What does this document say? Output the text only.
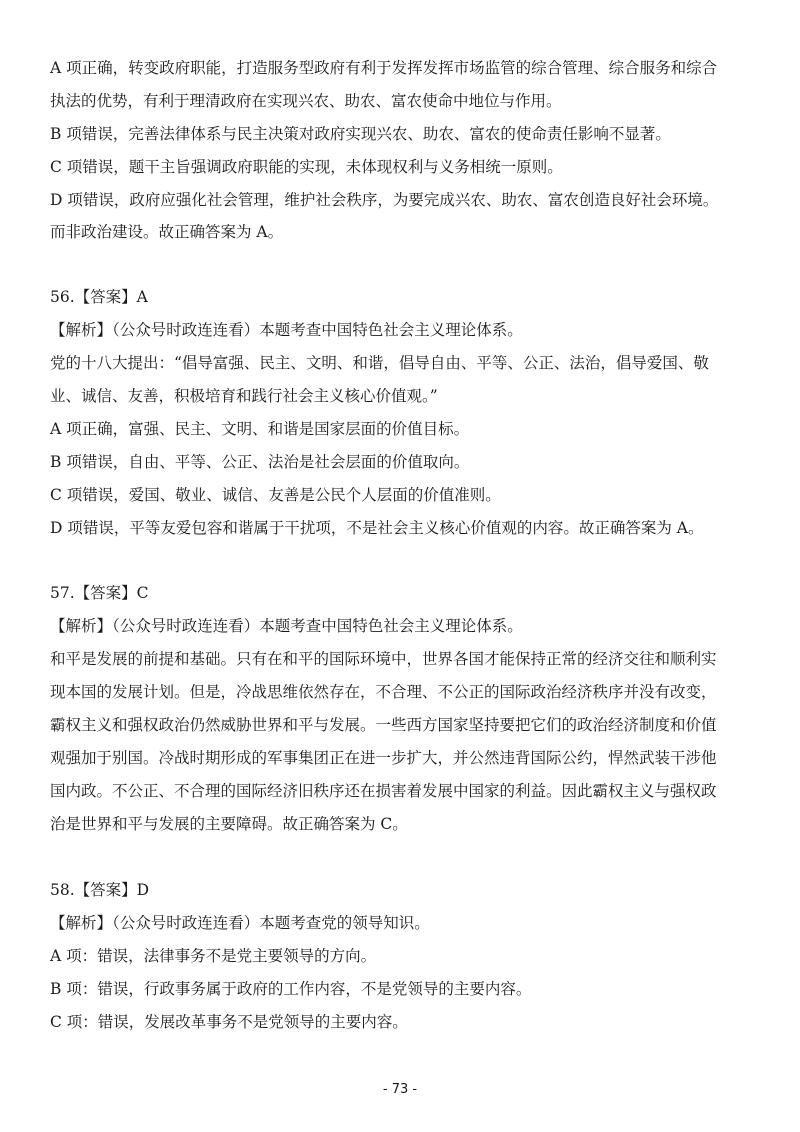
A 项正确，转变政府职能，打造服务型政府有利于发挥发挥市场监管的综合管理、综合服务和综合
执法的优势，有利于理清政府在实现兴农、助农、富农使命中地位与作用。
B 项错误，完善法律体系与民主决策对政府实现兴农、助农、富农的使命责任影响不显著。
C 项错误，题干主旨强调政府职能的实现，未体现权利与义务相统一原则。
D 项错误，政府应强化社会管理，维护社会秩序，为要完成兴农、助农、富农创造良好社会环境。
而非政治建设。故正确答案为 A。
56.【答案】A
【解析】（公众号时政连连看）本题考查中国特色社会主义理论体系。
党的十八大提出：“倡导富强、民主、文明、和谐，倡导自由、平等、公正、法治，倡导爱国、敬
业、诚信、友善，积极培育和践行社会主义核心价值观。”
A 项正确，富强、民主、文明、和谐是国家层面的价值目标。
B 项错误，自由、平等、公正、法治是社会层面的价值取向。
C 项错误，爱国、敬业、诚信、友善是公民个人层面的价值准则。
D 项错误，平等友爱包容和谐属于干扰项，不是社会主义核心价值观的内容。故正确答案为 A。
57.【答案】C
【解析】（公众号时政连连看）本题考查中国特色社会主义理论体系。
和平是发展的前提和基础。只有在和平的国际环境中，世界各国才能保持正常的经济交往和顺利实
现本国的发展计划。但是，冷战思维依然存在，不合理、不公正的国际政治经济秩序并没有改变，
霸权主义和强权政治仍然威胁世界和平与发展。一些西方国家坚持要把它们的政治经济制度和价值
观强加于别国。冷战时期形成的军事集团正在进一步扩大，并公然违背国际公约，悍然武装干涉他
国内政。不公正、不合理的国际经济旧秩序还在损害着发展中国家的利益。因此霸权主义与强权政
治是世界和平与发展的主要障碍。故正确答案为 C。
58.【答案】D
【解析】（公众号时政连连看）本题考查党的领导知识。
A 项：错误，法律事务不是党主要领导的方向。
B 项：错误，行政事务属于政府的工作内容，不是党领导的主要内容。
C 项：错误，发展改革事务不是党领导的主要内容。
- 73 -
